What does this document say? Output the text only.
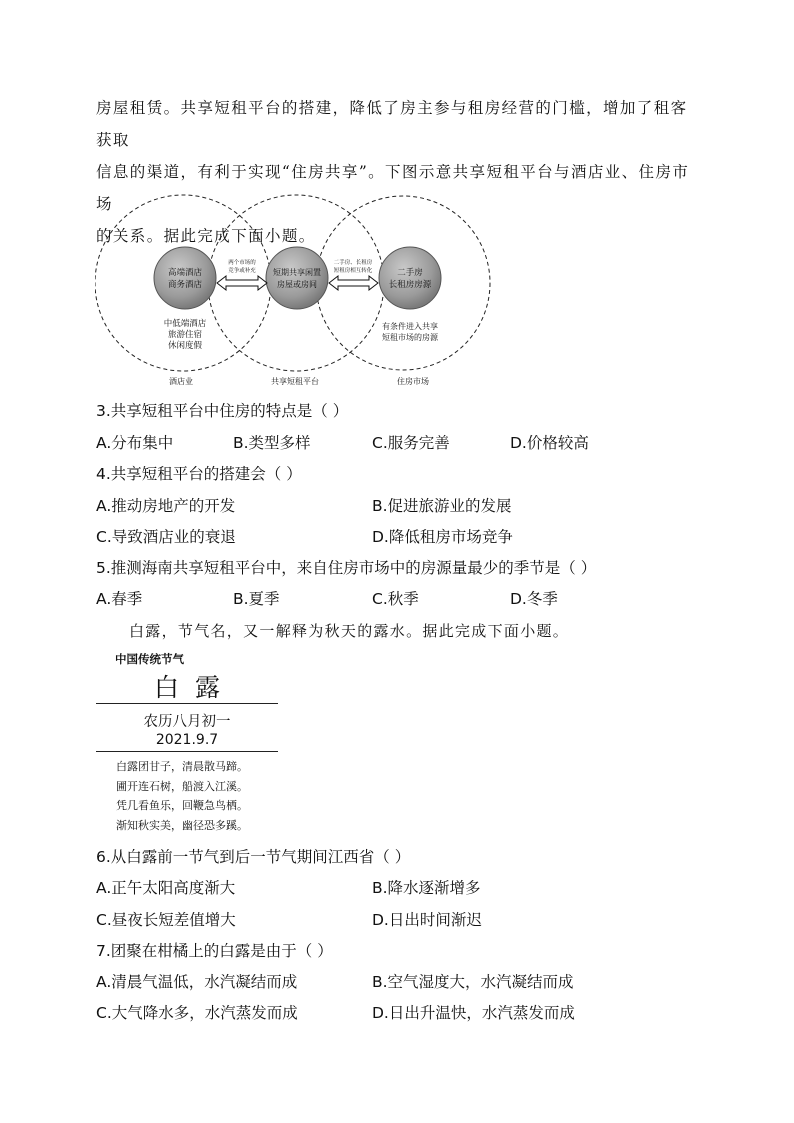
房屋租赁。共享短租平台的搭建，降低了房主参与租房经营的门槛，增加了租客获取

信息的渠道，有利于实现“住房共享”。下图示意共享短租平台与酒店业、住房市场

的关系。据此完成下面小题。

高端酒店
商务酒店
短期共享闲置
房屋或房间
二手房
长租房房源
两个市场的
竞争或补充
二手房、长租房
短租房相互转化
中低端酒店
旅游住宿
休闲度假
有条件进入共享
短租市场的房源
酒店业	共享短租平台	住房市场
3.共享短租平台中住房的特点是（ ）
A.分布集中	B.类型多样	C.服务完善	D.价格较高
4.共享短租平台的搭建会（ ）
A.推动房地产的开发	B.促进旅游业的发展
C.导致酒店业的衰退	D.降低租房市场竞争
5.推测海南共享短租平台中，来自住房市场中的房源量最少的季节是（ ）
A.春季	B.夏季	C.秋季	D.冬季
白露，节气名，又一解释为秋天的露水。据此完成下面小题。
中国传统节气
白  露
农历八月初一
2021.9.7
白露团甘子，清晨散马蹄。
圃开连石树，船渡入江溪。
凭几看鱼乐，回鞭急鸟栖。
渐知秋实美，幽径恐多蹊。
6.从白露前一节气到后一节气期间江西省（ ）
A.正午太阳高度渐大	B.降水逐渐增多
C.昼夜长短差值增大	D.日出时间渐迟
7.团聚在柑橘上的白露是由于（ ）
A.清晨气温低，水汽凝结而成	B.空气湿度大，水汽凝结而成
C.大气降水多，水汽蒸发而成	D.日出升温快，水汽蒸发而成
